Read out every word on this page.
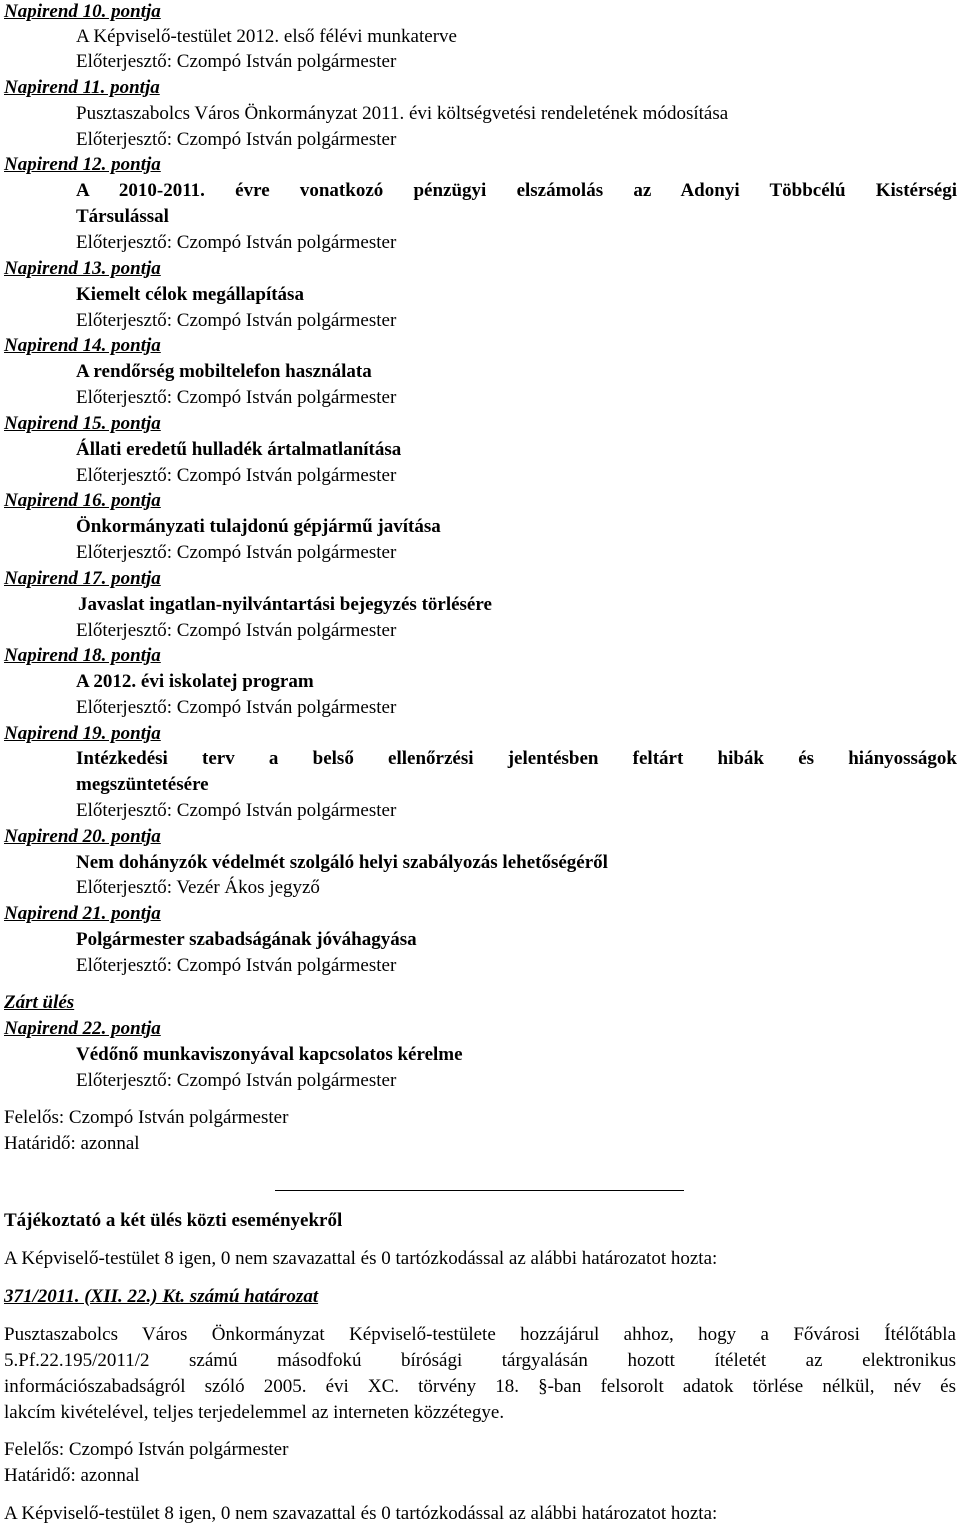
Napirend 10. pontja
A Képviselő-testület 2012. első félévi munkaterve
Előterjesztő: Czompó István polgármester
Napirend 11. pontja
Pusztaszabolcs Város Önkormányzat 2011. évi költségvetési rendeletének módosítása
Előterjesztő: Czompó István polgármester
Napirend 12. pontja
A 2010-2011. évre vonatkozó pénzügyi elszámolás az Adonyi Többcélú Kistérségi
Társulással
Előterjesztő: Czompó István polgármester
Napirend 13. pontja
Kiemelt célok megállapítása
Előterjesztő: Czompó István polgármester
Napirend 14. pontja
A rendőrség mobiltelefon használata
Előterjesztő: Czompó István polgármester
Napirend 15. pontja
Állati eredetű hulladék ártalmatlanítása
Előterjesztő: Czompó István polgármester
Napirend 16. pontja
Önkormányzati tulajdonú gépjármű javítása
Előterjesztő: Czompó István polgármester
Napirend 17. pontja
Javaslat ingatlan-nyilvántartási bejegyzés törlésére
Előterjesztő: Czompó István polgármester
Napirend 18. pontja
A 2012. évi iskolatej program
Előterjesztő: Czompó István polgármester
Napirend 19. pontja
Intézkedési terv a belső ellenőrzési jelentésben feltárt hibák és hiányosságok
megszüntetésére
Előterjesztő: Czompó István polgármester
Napirend 20. pontja
Nem dohányzók védelmét szolgáló helyi szabályozás lehetőségéről
Előterjesztő: Vezér Ákos jegyző
Napirend 21. pontja
Polgármester szabadságának jóváhagyása
Előterjesztő: Czompó István polgármester
Zárt ülés
Napirend 22. pontja
Védőnő munkaviszonyával kapcsolatos kérelme
Előterjesztő: Czompó István polgármester
Felelős: Czompó István polgármester
Határidő: azonnal
Tájékoztató a két ülés közti eseményekről
A Képviselő-testület 8 igen, 0 nem szavazattal és 0 tartózkodással az alábbi határozatot hozta:
371/2011. (XII. 22.) Kt. számú határozat
Pusztaszabolcs Város Önkormányzat Képviselő-testülete hozzájárul ahhoz, hogy a Fővárosi Ítélőtábla
5.Pf.22.195/2011/2 számú másodfokú bírósági tárgyalásán hozott ítéletét az elektronikus
információszabadságról szóló 2005. évi XC. törvény 18. §-ban felsorolt adatok törlése nélkül, név és
lakcím kivételével, teljes terjedelemmel az interneten közzétegye.
Felelős: Czompó István polgármester
Határidő: azonnal
A Képviselő-testület 8 igen, 0 nem szavazattal és 0 tartózkodással az alábbi határozatot hozta:
